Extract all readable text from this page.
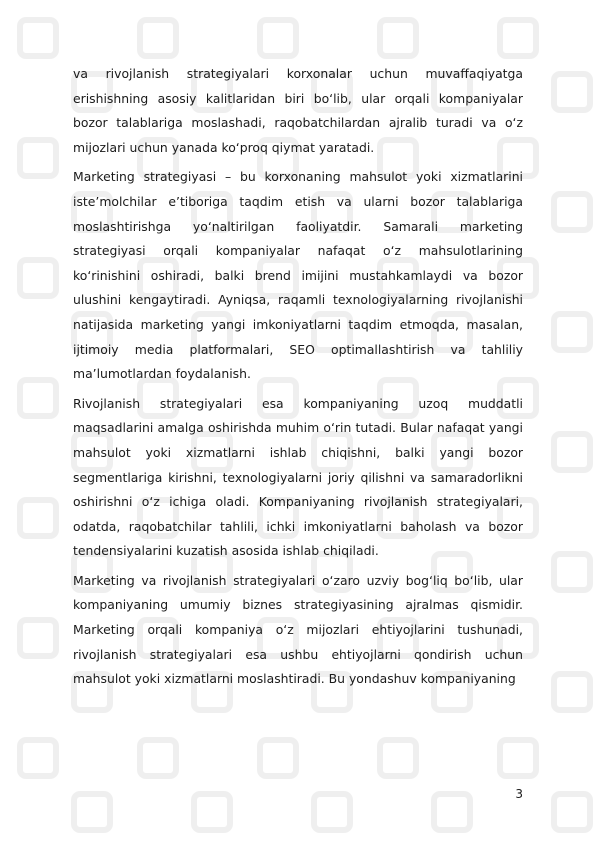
va rivojlanish strategiyalari korxonalar uchun muvaffaqiyatga erishishning asosiy kalitlaridan biri bo‘lib, ular orqali kompaniyalar bozor talablariga moslashadi, raqobatchilardan ajralib turadi va o‘z mijozlari uchun yanada ko‘proq qiymat yaratadi.

Marketing strategiyasi – bu korxonaning mahsulot yoki xizmatlarini iste’molchilar e’tiboriga taqdim etish va ularni bozor talablariga moslashtirishga yo‘naltirilgan faoliyatdir. Samarali marketing strategiyasi orqali kompaniyalar nafaqat o‘z mahsulotlarining ko‘rinishini oshiradi, balki brend imijini mustahkamlaydi va bozor ulushini kengaytiradi. Ayniqsa, raqamli texnologiyalarning rivojlanishi natijasida marketing yangi imkoniyatlarni taqdim etmoqda, masalan, ijtimoiy media platformalari, SEO optimallashtirish va tahliliy ma’lumotlardan foydalanish.

Rivojlanish strategiyalari esa kompaniyaning uzoq muddatli maqsadlarini amalga oshirishda muhim o‘rin tutadi. Bular nafaqat yangi mahsulot yoki xizmatlarni ishlab chiqishni, balki yangi bozor segmentlariga kirishni, texnologiyalarni joriy qilishni va samaradorlikni oshirishni o‘z ichiga oladi. Kompaniyaning rivojlanish strategiyalari, odatda, raqobatchilar tahlili, ichki imkoniyatlarni baholash va bozor tendensiyalarini kuzatish asosida ishlab chiqiladi.

Marketing va rivojlanish strategiyalari o‘zaro uzviy bog‘liq bo‘lib, ular kompaniyaning umumiy biznes strategiyasining ajralmas qismidir. Marketing orqali kompaniya o‘z mijozlari ehtiyojlarini tushunadi, rivojlanish strategiyalari esa ushbu ehtiyojlarni qondirish uchun mahsulot yoki xizmatlarni moslashtiradi. Bu yondashuv kompaniyaning

3
